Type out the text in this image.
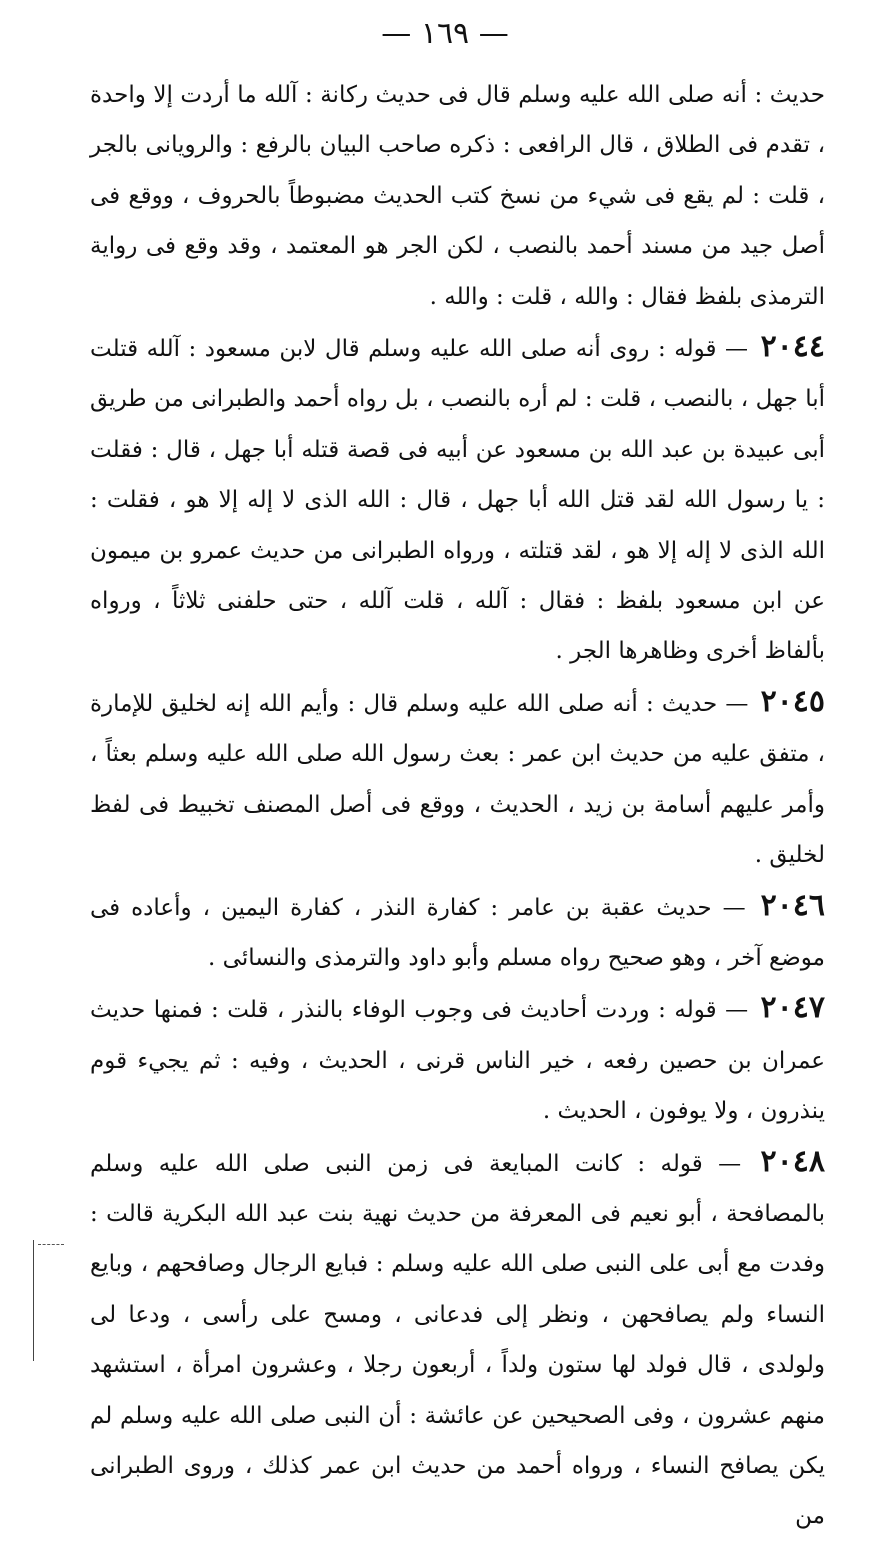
— ١٦٩ —

حديث : أنه صلى الله عليه وسلم قال فى حديث ركانة : آلله ما أردت إلا واحدة ، تقدم فى الطلاق ، قال الرافعى : ذكره صاحب البيان بالرفع : والرويانى بالجر ، قلت : لم يقع فى شيء من نسخ كتب الحديث مضبوطاً بالحروف ، ووقع فى أصل جيد من مسند أحمد بالنصب ، لكن الجر هو المعتمد ، وقد وقع فى رواية الترمذى بلفظ فقال : والله ، قلت : والله .

٢٠٤٤ — قوله : روى أنه صلى الله عليه وسلم قال لابن مسعود : آلله قتلت أبا جهل ، بالنصب ، قلت : لم أره بالنصب ، بل رواه أحمد والطبرانى من طريق أبى عبيدة بن عبد الله بن مسعود عن أبيه فى قصة قتله أبا جهل ، قال : فقلت : يا رسول الله لقد قتل الله أبا جهل ، قال : الله الذى لا إله إلا هو ، فقلت : الله الذى لا إله إلا هو ، لقد قتلته ، ورواه الطبرانى من حديث عمرو بن ميمون عن ابن مسعود بلفظ : فقال : آلله ، قلت آلله ، حتى حلفنى ثلاثاً ، ورواه بألفاظ أخرى وظاهرها الجر .

٢٠٤٥ — حديث : أنه صلى الله عليه وسلم قال : وأيم الله إنه لخليق للإمارة ، متفق عليه من حديث ابن عمر : بعث رسول الله صلى الله عليه وسلم بعثاً ، وأمر عليهم أسامة بن زيد ، الحديث ، ووقع فى أصل المصنف تخبيط فى لفظ لخليق .

٢٠٤٦ — حديث عقبة بن عامر : كفارة النذر ، كفارة اليمين ، وأعاده فى موضع آخر ، وهو صحيح رواه مسلم وأبو داود والترمذى والنسائى .

٢٠٤٧ — قوله : وردت أحاديث فى وجوب الوفاء بالنذر ، قلت : فمنها حديث عمران بن حصين رفعه ، خير الناس قرنى ، الحديث ، وفيه : ثم يجيء قوم ينذرون ، ولا يوفون ، الحديث .

٢٠٤٨ — قوله : كانت المبايعة فى زمن النبى صلى الله عليه وسلم بالمصافحة ، أبو نعيم فى المعرفة من حديث نهية بنت عبد الله البكرية قالت : وفدت مع أبى على النبى صلى الله عليه وسلم : فبايع الرجال وصافحهم ، وبايع النساء ولم يصافحهن ، ونظر إلى فدعانى ، ومسح على رأسى ، ودعا لى ولولدى ، قال فولد لها ستون ولداً ، أربعون رجلا ، وعشرون امرأة ، استشهد منهم عشرون ، وفى الصحيحين عن عائشة : أن النبى صلى الله عليه وسلم لم يكن يصافح النساء ، ورواه أحمد من حديث ابن عمر كذلك ، وروى الطبرانى من
